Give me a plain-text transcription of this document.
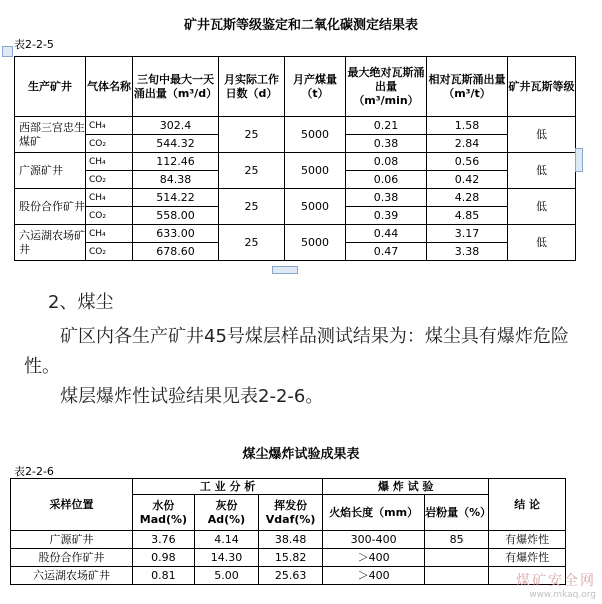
矿井瓦斯等级鉴定和二氧化碳测定结果表
表2-2-5
生产矿井	气体名称	三旬中最大一天涌出量（m³/d）	月实际工作日数（d）	月产煤量（t）	最大绝对瓦斯涌出量（m³/min）	相对瓦斯涌出量（m³/t）	矿井瓦斯等级
西部三宫忠生煤矿	CH₄	302.4	25	5000	0.21	1.58	低
	CO₂	544.32			0.38	2.84	
广源矿井	CH₄	112.46	25	5000	0.08	0.56	低
	CO₂	84.38			0.06	0.42	
股份合作矿井	CH₄	514.22	25	5000	0.38	4.28	低
	CO₂	558.00			0.39	4.85	
六运湖农场矿井	CH₄	633.00	25	5000	0.44	3.17	低
	CO₂	678.60			0.47	3.38	
2、煤尘
矿区内各生产矿井45号煤层样品测试结果为：煤尘具有爆炸危险性。
煤层爆炸性试验结果见表2-2-6。
煤尘爆炸试验成果表
表2-2-6
采样位置	工 业 分 析			爆 炸 试 验		结 论
	水份 Mad(%)	灰份 Ad(%)	挥发份 Vdaf(%)	火焰长度（mm）	岩粉量（%）	
广源矿井	3.76	4.14	38.48	300-400	85	有爆炸性
股份合作矿井	0.98	14.30	15.82	＞400		有爆炸性
六运湖农场矿井	0.81	5.00	25.63	＞400			煤矿安全网
www.mkaq.org
